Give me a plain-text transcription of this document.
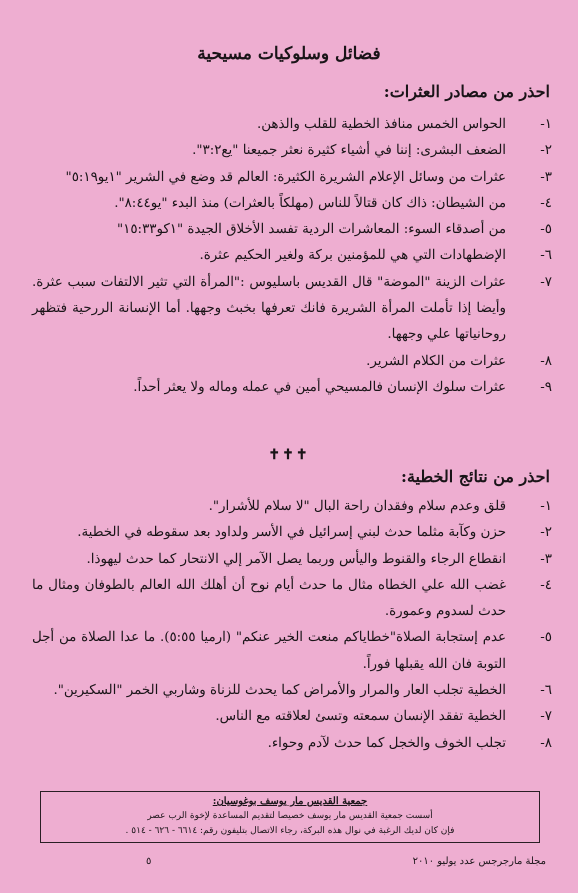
فضائل وسلوكيات مسيحية
احذر من مصادر العثرات:
١-
الحواس الخمس منافذ الخطية للقلب والذهن.
٢-
الضعف البشرى: إننا في أشياء كثيرة نعثر جميعنا "يع٣:٢".
٣-
عثرات من وسائل الإعلام الشريرة الكثيرة: العالم قد وضع في الشرير "١يو٥:١٩"
٤-
من الشيطان: ذاك كان قتالاً للناس (مهلكاً بالعثرات) منذ البدء "يو٨:٤٤".
٥-
من أصدقاء السوء: المعاشرات الردية تفسد الأخلاق الجيدة "١كو١٥:٣٣"
٦-
الإضطهادات التي هي للمؤمنين بركة ولغير الحكيم عثرة.
٧-
عثرات الزينة "الموضة" قال القديس باسليوس :"المرأة التي تثير الالتفات سبب عثرة. وأيضا إذا تأملت المرأة الشريرة فانك تعرفها بخبث وجهها. أما الإنسانة الررحية فتظهر روحانياتها علي وجهها.
٨-
عثرات من الكلام الشرير.
٩-
عثرات سلوك الإنسان فالمسيحي أمين في عمله وماله ولا يعثر أحداً.
✝✝✝
احذر من نتائج الخطية:
١-
قلق وعدم سلام وفقدان راحة البال "لا سلام للأشرار".
٢-
حزن وكآبة مثلما حدث لبني إسرائيل في الأسر ولداود بعد سقوطه في الخطية.
٣-
انقطاع الرجاء والقنوط واليأس وربما يصل الآمر إلي الانتحار كما حدث ليهوذا.
٤-
غضب الله علي الخطاه مثال ما حدث أيام نوح أن أهلك الله العالم بالطوفان ومثال ما حدث لسدوم وعمورة.
٥-
عدم إستجابة الصلاة"خطاياكم منعت الخير عنكم" (ارميا ٥:٥٥). ما عدا الصلاة من أجل التوبة فان الله يقبلها فوراً.
٦-
الخطية تجلب العار والمرار والأمراض كما يحدث للزناة وشاربي الخمر "السكيرين".
٧-
الخطية تفقد الإنسان سمعته وتسئ لعلاقته مع الناس.
٨-
تجلب الخوف والخجل كما حدث لآدم وحواء.
جمعية القديس مار يوسف بوغوسيان:
أسست جمعية القديس مار يوسف خصيصا لتقديم المساعدة لإخوة الرب عصر
فإن كان لديك الرغبة في نوال هذه البركة، رجاء الاتصال بتليفون رقم: ٦٦١٤ - ٦٢٦ - ٥١٤ .
مجلة مارجرجس عدد يوليو ٢٠١٠
٥
